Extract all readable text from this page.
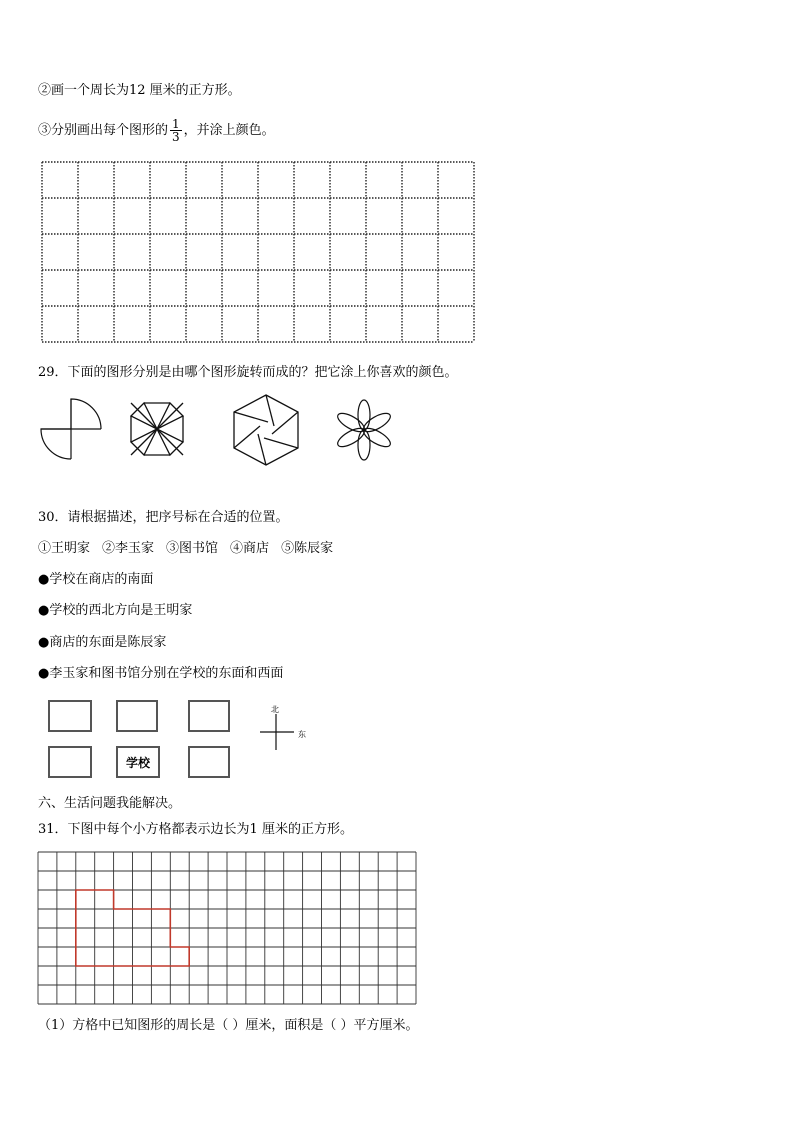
②画一个周长为12 厘米的正方形。
③分别画出每个图形的 $\frac{1}{3}$ ，并涂上颜色。
29．下面的图形分别是由哪个图形旋转而成的？把它涂上你喜欢的颜色。
30．请根据描述，把序号标在合适的位置。
①王明家 ②李玉家 ③图书馆 ④商店 ⑤陈辰家
●学校在商店的南面
●学校的西北方向是王明家
●商店的东面是陈辰家
●李玉家和图书馆分别在学校的东面和西面
学校
北
东
六、生活问题我能解决。
31．下图中每个小方格都表示边长为1 厘米的正方形。
（1）方格中已知图形的周长是（ ）厘米，面积是（ ）平方厘米。
